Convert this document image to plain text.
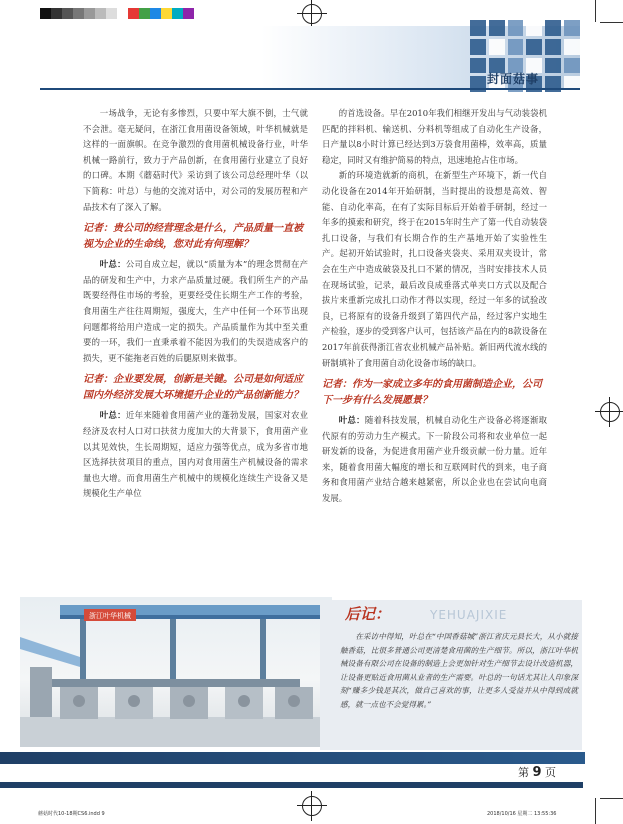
封面菇事

一场战争，无论有多惨烈，只要中军大旗不倒，士气就不会泄。毫无疑问，在浙江食用菌设备领域，叶华机械就是这样的一面旗帜。在竞争激烈的食用菌机械设备行业，叶华机械一路前行，致力于产品创新，在食用菌行业建立了良好的口碑。本期《蘑菇时代》采访到了该公司总经理叶华（以下简称：叶总）与他的交流对话中，对公司的发展历程和产品技术有了深入了解。

记者：贵公司的经营理念是什么，产品质量一直被视为企业的生命线，您对此有何理解？

叶总：公司自成立起，就以“质量为本”的理念贯彻在产品的研发和生产中，力求产品质量过硬。我们所生产的产品既要经得住市场的考验，更要经受住长期生产工作的考验，食用菌生产往往周期短，强度大，生产中任何一个环节出现问题都将给用户造成一定的损失。产品质量作为其中至关重要的一环，我们一直秉承着不能因为我们的失误造成客户的损失，更不能拖老百姓的后腿原则来做事。

记者：企业要发展，创新是关键。公司是如何适应国内外经济发展大环境提升企业的产品创新能力？

叶总：近年来随着食用菌产业的蓬勃发展，国家对农业经济及农村人口对口扶贫力度加大的大背景下，食用菌产业以其见效快，生长周期短，适应力强等优点，成为多省市地区选择扶贫项目的重点，国内对食用菌生产机械设备的需求量也大增。而食用菌生产机械中的规模化连续生产设备又是规模化生产单位

的首选设备。早在2010年我们相继开发出与气动装袋机匹配的拌料机、输送机、分料机等组成了自动化生产设备，日产量以8小时计算已经达到3万袋食用菌棒，效率高，质量稳定，同时又有维护简易的特点，迅速地抢占住市场。

新的环境造就新的商机，在新型生产环境下，新一代自动化设备在2014年开始研制，当时提出的设想是高效、智能、自动化率高，在有了实际目标后开始着手研制，经过一年多的摸索和研究，终于在2015年时生产了第一代自动装袋扎口设备，与我们有长期合作的生产基地开始了实验性生产。起初开始试验时，扎口设备夹袋夹、采用双夹设计，常会在生产中造成破袋及扎口不紧的情况，当时安排技术人员在现场试验，记录，最后改良成垂落式单夹口方式以及配合拔片来重新完成扎口动作才得以实现，经过一年多的试验改良，已将原有的设备升级到了第四代产品，经过客户实地生产检验，逐步的受到客户认可，包括该产品在内的8款设备在2017年前获得浙江省农业机械产品补贴。新旧两代流水线的研制填补了食用菌自动化设备市场的缺口。

记者：作为一家成立多年的食用菌制造企业，公司下一步有什么发展愿景？

叶总：随着科技发展，机械自动化生产设备必将逐渐取代原有的劳动力生产模式。下一阶段公司将和农业单位一起研发新的设备，为促进食用菌产业升级贡献一份力量。近年来，随着食用菌大幅度的增长和互联网时代的到来，电子商务和食用菌产业结合越来越紧密，所以企业也在尝试向电商发展。

浙江叶华机械	后记：	YEHUAJIXIE
在采访中得知，叶总在“中国香菇城”浙江省庆元县长大，从小就接触香菇，比很多普通公司更清楚食用菌的生产细节。所以，浙江叶华机械设备有限公司在设备的制造上会更加针对生产细节去设计改造机器，让设备更贴近食用菌从业者的生产需要。叶总的一句话尤其让人印象深刻“赚多少钱是其次，做自己喜欢的事，让更多人受益并从中得到成就感，就一点也不会觉得累。”
第 9 页
蘑菇时代10-18期CS6.indd 9	2018/10/16 星期二 13:55:36
